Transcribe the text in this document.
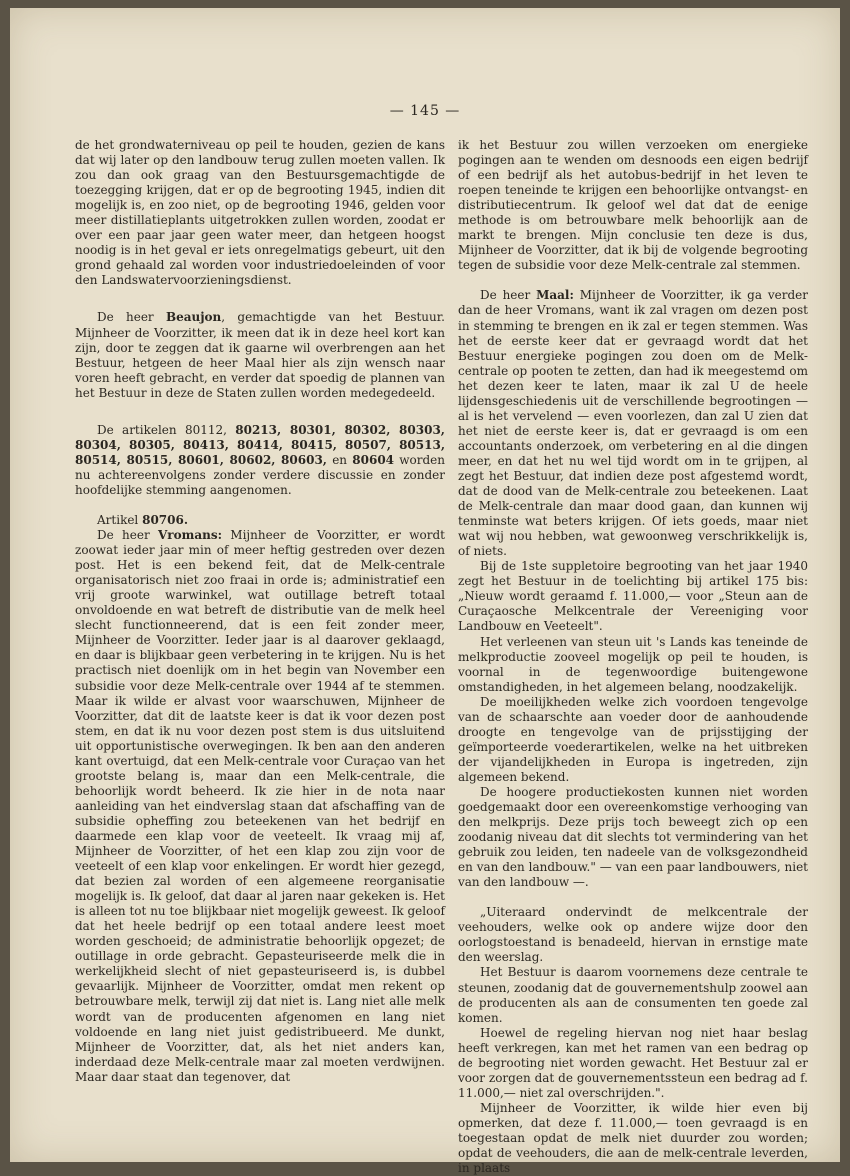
— 145 —

de het grondwaterniveau op peil te houden, gezien de kans dat wij later op den landbouw terug zullen moeten vallen. Ik zou dan ook graag van den Bestuursgemachtigde de toezegging krijgen, dat er op de begrooting 1945, indien dit mogelijk is, en zoo niet, op de begrooting 1946, gelden voor meer distillatieplants uitgetrokken zullen worden, zoodat er over een paar jaar geen water meer, dan hetgeen hoogst noodig is in het geval er iets onregelmatigs gebeurt, uit den grond gehaald zal worden voor industriedoeleinden of voor den Landswatervoorzieningsdienst.

De heer Beaujon, gemachtigde van het Bestuur. Mijnheer de Voorzitter, ik meen dat ik in deze heel kort kan zijn, door te zeggen dat ik gaarne wil overbrengen aan het Bestuur, hetgeen de heer Maal hier als zijn wensch naar voren heeft gebracht, en verder dat spoedig de plannen van het Bestuur in deze de Staten zullen worden medegedeeld.

De artikelen 80112, 80213, 80301, 80302, 80303, 80304, 80305, 80413, 80414, 80415, 80507, 80513, 80514, 80515, 80601, 80602, 80603, en 80604 worden nu achtereenvolgens zonder verdere discussie en zonder hoofdelijke stemming aangenomen.

Artikel 80706.

De heer Vromans: Mijnheer de Voorzitter, er wordt zoowat ieder jaar min of meer heftig gestreden over dezen post. Het is een bekend feit, dat de Melk-centrale organisatorisch niet zoo fraai in orde is; administratief een vrij groote warwinkel, wat outillage betreft totaal onvoldoende en wat betreft de distributie van de melk heel slecht functionneerend, dat is een feit zonder meer, Mijnheer de Voorzitter. Ieder jaar is al daarover geklaagd, en daar is blijkbaar geen verbetering in te krijgen. Nu is het practisch niet doenlijk om in het begin van November een subsidie voor deze Melk-centrale over 1944 af te stemmen. Maar ik wilde er alvast voor waarschuwen, Mijnheer de Voorzitter, dat dit de laatste keer is dat ik voor dezen post stem, en dat ik nu voor dezen post stem is dus uitsluitend uit opportunistische overwegingen. Ik ben aan den anderen kant overtuigd, dat een Melk-centrale voor Curaçao van het grootste belang is, maar dan een Melk-centrale, die behoorlijk wordt beheerd. Ik zie hier in de nota naar aanleiding van het eindverslag staan dat afschaffing van de subsidie opheffing zou beteekenen van het bedrijf en daarmede een klap voor de veeteelt. Ik vraag mij af, Mijnheer de Voorzitter, of het een klap zou zijn voor de veeteelt of een klap voor enkelingen. Er wordt hier gezegd, dat bezien zal worden of een algemeene reorganisatie mogelijk is. Ik geloof, dat daar al jaren naar gekeken is. Het is alleen tot nu toe blijkbaar niet mogelijk geweest. Ik geloof dat het heele bedrijf op een totaal andere leest moet worden geschoeid; de administratie behoorlijk opgezet; de outillage in orde gebracht. Gepasteuriseerde melk die in werkelijkheid slecht of niet gepasteuriseerd is, is dubbel gevaarlijk. Mijnheer de Voorzitter, omdat men rekent op betrouwbare melk, terwijl zij dat niet is. Lang niet alle melk wordt van de producenten afgenomen en lang niet voldoende en lang niet juist gedistribueerd. Me dunkt, Mijnheer de Voorzitter, dat, als het niet anders kan, inderdaad deze Melk-centrale maar zal moeten verdwijnen. Maar daar staat dan tegenover, dat

ik het Bestuur zou willen verzoeken om energieke pogingen aan te wenden om desnoods een eigen bedrijf of een bedrijf als het autobus-bedrijf in het leven te roepen teneinde te krijgen een behoorlijke ontvangst- en distributiecentrum. Ik geloof wel dat dat de eenige methode is om betrouwbare melk behoorlijk aan de markt te brengen. Mijn conclusie ten deze is dus, Mijnheer de Voorzitter, dat ik bij de volgende begrooting tegen de subsidie voor deze Melk-centrale zal stemmen.

De heer Maal: Mijnheer de Voorzitter, ik ga verder dan de heer Vromans, want ik zal vragen om dezen post in stemming te brengen en ik zal er tegen stemmen. Was het de eerste keer dat er gevraagd wordt dat het Bestuur energieke pogingen zou doen om de Melk-centrale op pooten te zetten, dan had ik meegestemd om het dezen keer te laten, maar ik zal U de heele lijdensgeschiedenis uit de verschillende begrootingen — al is het vervelend — even voorlezen, dan zal U zien dat het niet de eerste keer is, dat er gevraagd is om een accountants onderzoek, om verbetering en al die dingen meer, en dat het nu wel tijd wordt om in te grijpen, al zegt het Bestuur, dat indien deze post afgestemd wordt, dat de dood van de Melk-centrale zou beteekenen. Laat de Melk-centrale dan maar dood gaan, dan kunnen wij tenminste wat beters krijgen. Of iets goeds, maar niet wat wij nou hebben, wat gewoonweg verschrikkelijk is, of niets.

Bij de 1ste suppletoire begrooting van het jaar 1940 zegt het Bestuur in de toelichting bij artikel 175 bis: „Nieuw wordt geraamd f. 11.000,— voor „Steun aan de Curaçaosche Melkcentrale der Vereeniging voor Landbouw en Veeteelt".

Het verleenen van steun uit 's Lands kas teneinde de melkproductie zooveel mogelijk op peil te houden, is voornal in de tegenwoordige buitengewone omstandigheden, in het algemeen belang, noodzakelijk.

De moeilijkheden welke zich voordoen tengevolge van de schaarschte aan voeder door de aanhoudende droogte en tengevolge van de prijsstijging der geïmporteerde voederartikelen, welke na het uitbreken der vijandelijkheden in Europa is ingetreden, zijn algemeen bekend.

De hoogere productiekosten kunnen niet worden goedgemaakt door een overeenkomstige verhooging van den melkprijs. Deze prijs toch beweegt zich op een zoodanig niveau dat dit slechts tot vermindering van het gebruik zou leiden, ten nadeele van de volksgezondheid en van den landbouw." — van een paar landbouwers, niet van den landbouw —.

„Uiteraard ondervindt de melkcentrale der veehouders, welke ook op andere wijze door den oorlogstoestand is benadeeld, hiervan in ernstige mate den weerslag.

Het Bestuur is daarom voornemens deze centrale te steunen, zoodanig dat de gouvernementshulp zoowel aan de producenten als aan de consumenten ten goede zal komen.

Hoewel de regeling hiervan nog niet haar beslag heeft verkregen, kan met het ramen van een bedrag op de begrooting niet worden gewacht. Het Bestuur zal er voor zorgen dat de gouvernementssteun een bedrag ad f. 11.000,— niet zal overschrijden.".

Mijnheer de Voorzitter, ik wilde hier even bij opmerken, dat deze f. 11.000,— toen gevraagd is en toegestaan opdat de melk niet duurder zou worden; opdat de veehouders, die aan de melk-centrale leverden, in plaats
